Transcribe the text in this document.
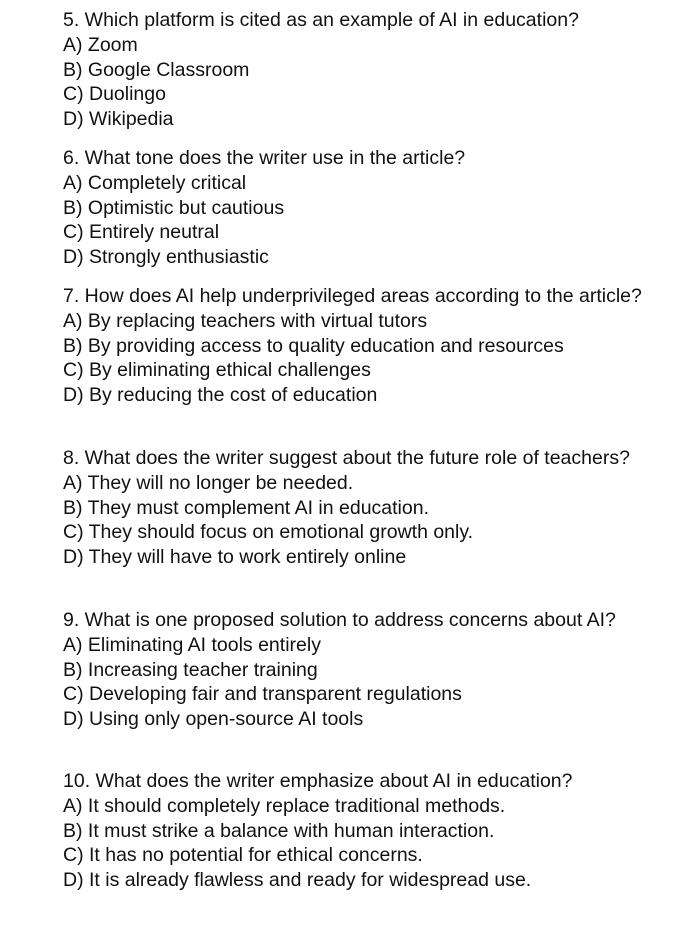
5. Which platform is cited as an example of AI in education?
A) Zoom
B) Google Classroom
C) Duolingo
D) Wikipedia
6. What tone does the writer use in the article?
A) Completely critical
B) Optimistic but cautious
C) Entirely neutral
D) Strongly enthusiastic
7. How does AI help underprivileged areas according to the article?
A) By replacing teachers with virtual tutors
B) By providing access to quality education and resources
C) By eliminating ethical challenges
D) By reducing the cost of education
8. What does the writer suggest about the future role of teachers?
A) They will no longer be needed.
B) They must complement AI in education.
C) They should focus on emotional growth only.
D) They will have to work entirely online
9. What is one proposed solution to address concerns about AI?
A) Eliminating AI tools entirely
B) Increasing teacher training
C) Developing fair and transparent regulations
D) Using only open-source AI tools
10. What does the writer emphasize about AI in education?
A) It should completely replace traditional methods.
B) It must strike a balance with human interaction.
C) It has no potential for ethical concerns.
D) It is already flawless and ready for widespread use.
